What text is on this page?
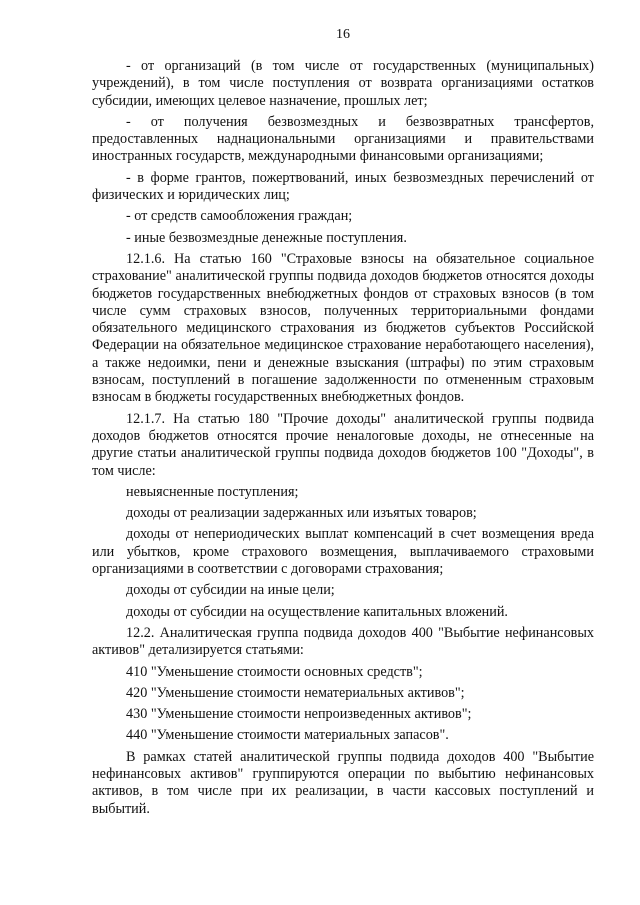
16

- от организаций (в том числе от государственных (муниципальных) учреждений), в том числе поступления от возврата организациями остатков субсидии, имеющих целевое назначение, прошлых лет;

- от получения безвозмездных и безвозвратных трансфертов, предоставленных наднациональными организациями и правительствами иностранных государств, международными финансовыми организациями;

- в форме грантов, пожертвований, иных безвозмездных перечислений от физических и юридических лиц;

- от средств самообложения граждан;

- иные безвозмездные денежные поступления.

12.1.6. На статью 160 "Страховые взносы на обязательное социальное страхование" аналитической группы подвида доходов бюджетов относятся доходы бюджетов государственных внебюджетных фондов от страховых взносов (в том числе сумм страховых взносов, полученных территориальными фондами обязательного медицинского страхования из бюджетов субъектов Российской Федерации на обязательное медицинское страхование неработающего населения), а также недоимки, пени и денежные взыскания (штрафы) по этим страховым взносам, поступлений в погашение задолженности по отмененным страховым взносам в бюджеты государственных внебюджетных фондов.

12.1.7. На статью 180 "Прочие доходы" аналитической группы подвида доходов бюджетов относятся прочие неналоговые доходы, не отнесенные на другие статьи аналитической группы подвида доходов бюджетов 100 "Доходы", в том числе:

невыясненные поступления;

доходы от реализации задержанных или изъятых товаров;

доходы от непериодических выплат компенсаций в счет возмещения вреда или убытков, кроме страхового возмещения, выплачиваемого страховыми организациями в соответствии с договорами страхования;

доходы от субсидии на иные цели;

доходы от субсидии на осуществление капитальных вложений.

12.2. Аналитическая группа подвида доходов 400 "Выбытие нефинансовых активов" детализируется статьями:

410 "Уменьшение стоимости основных средств";

420 "Уменьшение стоимости нематериальных активов";

430 "Уменьшение стоимости непроизведенных активов";

440 "Уменьшение стоимости материальных запасов".

В рамках статей аналитической группы подвида доходов 400 "Выбытие нефинансовых активов" группируются операции по выбытию нефинансовых активов, в том числе при их реализации, в части кассовых поступлений и выбытий.
